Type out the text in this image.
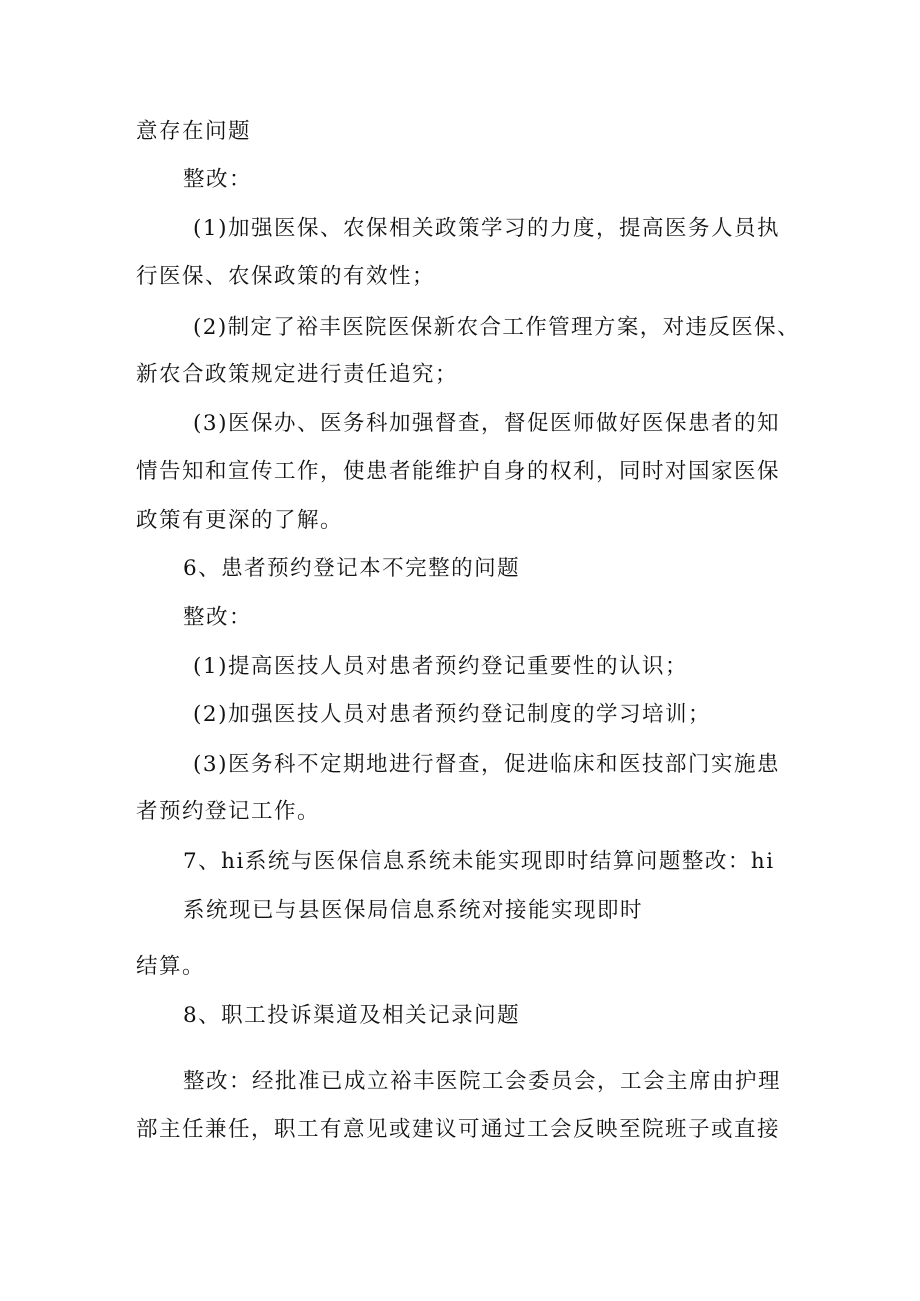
意存在问题
整改：
(1)加强医保、农保相关政策学习的力度，提高医务人员执
行医保、农保政策的有效性；
(2)制定了裕丰医院医保新农合工作管理方案，对违反医保、
新农合政策规定进行责任追究；
(3)医保办、医务科加强督查，督促医师做好医保患者的知
情告知和宣传工作，使患者能维护自身的权利，同时对国家医保
政策有更深的了解。
6、患者预约登记本不完整的问题
整改：
(1)提高医技人员对患者预约登记重要性的认识；
(2)加强医技人员对患者预约登记制度的学习培训；
(3)医务科不定期地进行督查，促进临床和医技部门实施患
者预约登记工作。
7、hi系统与医保信息系统未能实现即时结算问题整改：hi
系统现已与县医保局信息系统对接能实现即时
结算。
8、职工投诉渠道及相关记录问题
整改：经批准已成立裕丰医院工会委员会，工会主席由护理
部主任兼任，职工有意见或建议可通过工会反映至院班子或直接
